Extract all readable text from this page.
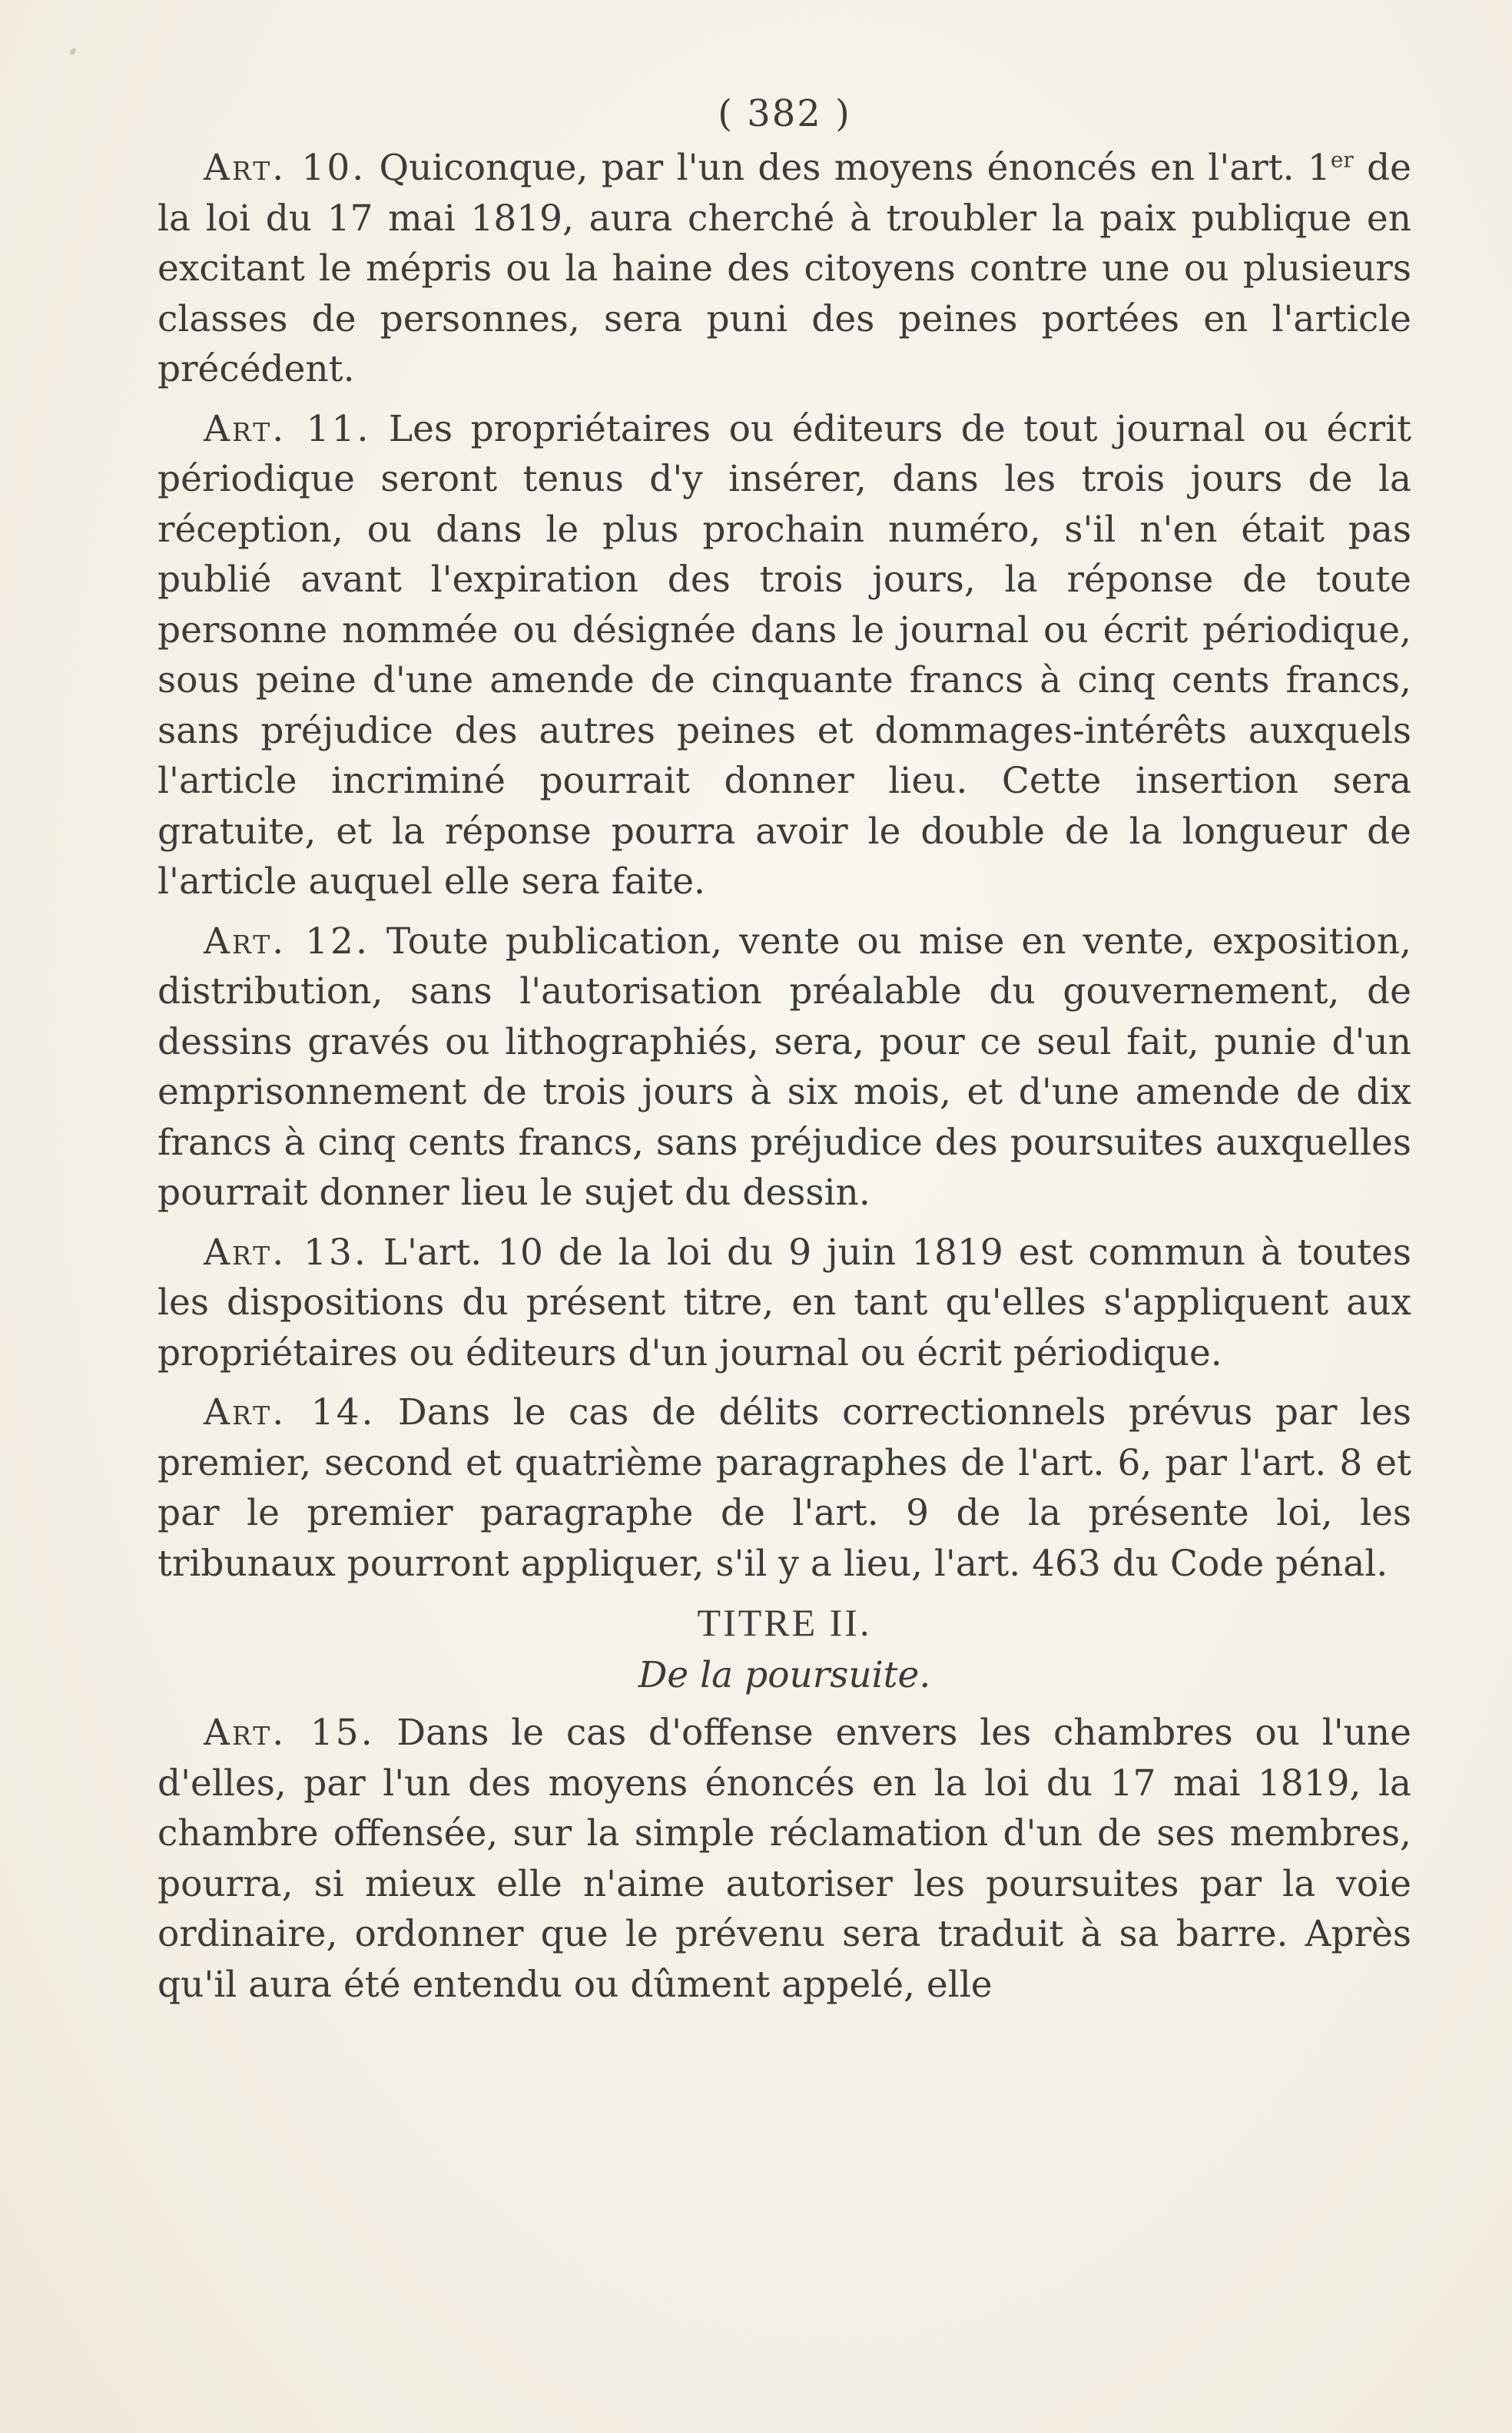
( 382 )

Art. 10. Quiconque, par l'un des moyens énoncés en l'art. 1er de la loi du 17 mai 1819, aura cherché à troubler la paix publique en excitant le mépris ou la haine des citoyens contre une ou plusieurs classes de personnes, sera puni des peines portées en l'article précédent.

Art. 11. Les propriétaires ou éditeurs de tout journal ou écrit périodique seront tenus d'y insérer, dans les trois jours de la réception, ou dans le plus prochain numéro, s'il n'en était pas publié avant l'expiration des trois jours, la réponse de toute personne nommée ou désignée dans le journal ou écrit périodique, sous peine d'une amende de cinquante francs à cinq cents francs, sans préjudice des autres peines et dommages-intérêts auxquels l'article incriminé pourrait donner lieu. Cette insertion sera gratuite, et la réponse pourra avoir le double de la longueur de l'article auquel elle sera faite.

Art. 12. Toute publication, vente ou mise en vente, exposition, distribution, sans l'autorisation préalable du gouvernement, de dessins gravés ou lithographiés, sera, pour ce seul fait, punie d'un emprisonnement de trois jours à six mois, et d'une amende de dix francs à cinq cents francs, sans préjudice des poursuites auxquelles pourrait donner lieu le sujet du dessin.

Art. 13. L'art. 10 de la loi du 9 juin 1819 est commun à toutes les dispositions du présent titre, en tant qu'elles s'appliquent aux propriétaires ou éditeurs d'un journal ou écrit périodique.

Art. 14. Dans le cas de délits correctionnels prévus par les premier, second et quatrième paragraphes de l'art. 6, par l'art. 8 et par le premier paragraphe de l'art. 9 de la présente loi, les tribunaux pourront appliquer, s'il y a lieu, l'art. 463 du Code pénal.

TITRE II.
De la poursuite.

Art. 15. Dans le cas d'offense envers les chambres ou l'une d'elles, par l'un des moyens énoncés en la loi du 17 mai 1819, la chambre offensée, sur la simple réclamation d'un de ses membres, pourra, si mieux elle n'aime autoriser les poursuites par la voie ordinaire, ordonner que le prévenu sera traduit à sa barre. Après qu'il aura été entendu ou dûment appelé, elle
